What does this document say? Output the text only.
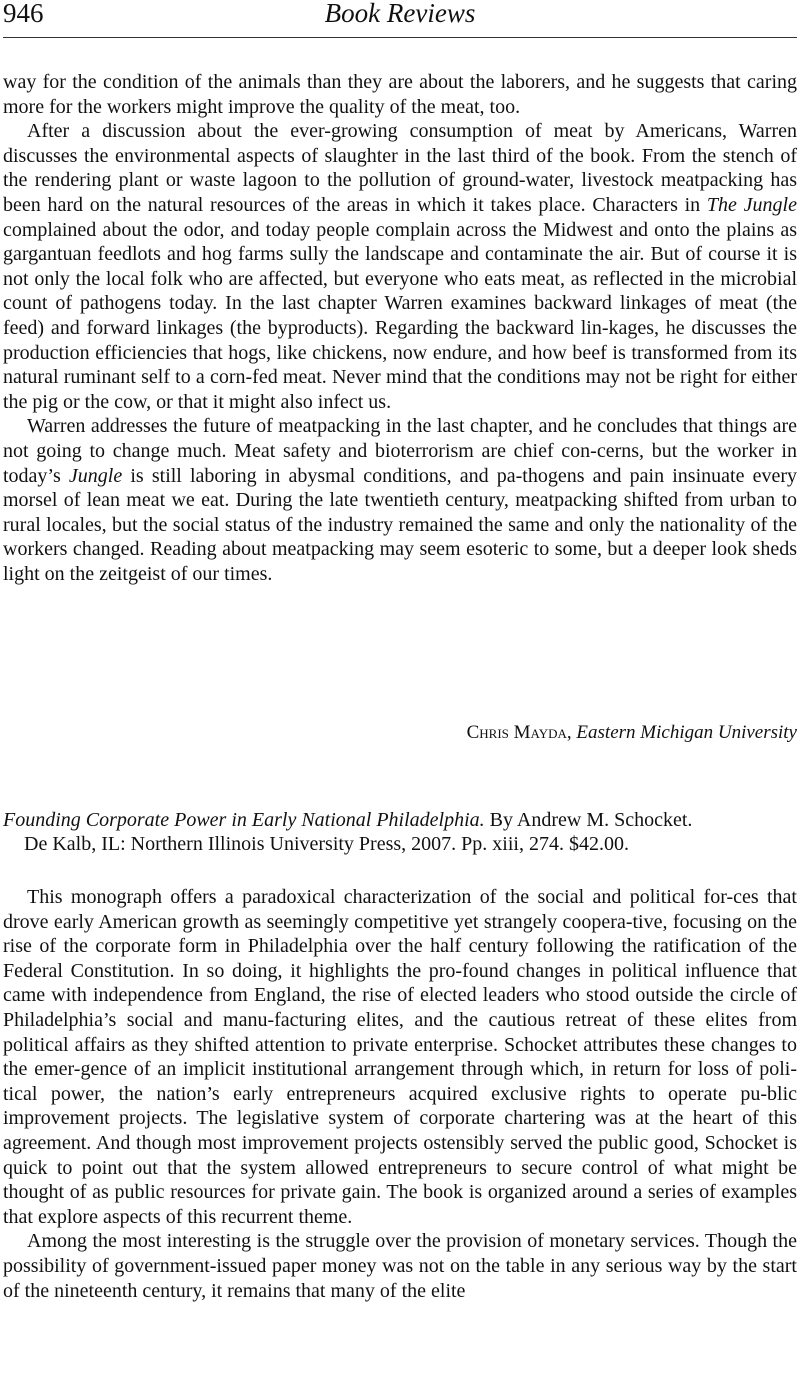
946	Book Reviews

way for the condition of the animals than they are about the laborers, and he suggests that caring more for the workers might improve the quality of the meat, too.

After a discussion about the ever-growing consumption of meat by Americans, Warren discusses the environmental aspects of slaughter in the last third of the book. From the stench of the rendering plant or waste lagoon to the pollution of ground-water, livestock meatpacking has been hard on the natural resources of the areas in which it takes place. Characters in The Jungle complained about the odor, and today people complain across the Midwest and onto the plains as gargantuan feedlots and hog farms sully the landscape and contaminate the air. But of course it is not only the local folk who are affected, but everyone who eats meat, as reflected in the microbial count of pathogens today. In the last chapter Warren examines backward linkages of meat (the feed) and forward linkages (the byproducts). Regarding the backward lin-kages, he discusses the production efficiencies that hogs, like chickens, now endure, and how beef is transformed from its natural ruminant self to a corn-fed meat. Never mind that the conditions may not be right for either the pig or the cow, or that it might also infect us.

Warren addresses the future of meatpacking in the last chapter, and he concludes that things are not going to change much. Meat safety and bioterrorism are chief con-cerns, but the worker in today’s Jungle is still laboring in abysmal conditions, and pa-thogens and pain insinuate every morsel of lean meat we eat. During the late twentieth century, meatpacking shifted from urban to rural locales, but the social status of the industry remained the same and only the nationality of the workers changed. Reading about meatpacking may seem esoteric to some, but a deeper look sheds light on the zeitgeist of our times.

Chris Mayda, Eastern Michigan University
Founding Corporate Power in Early National Philadelphia. By Andrew M. Schocket.
De Kalb, IL: Northern Illinois University Press, 2007. Pp. xiii, 274. $42.00.

This monograph offers a paradoxical characterization of the social and political for-ces that drove early American growth as seemingly competitive yet strangely coopera-tive, focusing on the rise of the corporate form in Philadelphia over the half century following the ratification of the Federal Constitution. In so doing, it highlights the pro-found changes in political influence that came with independence from England, the rise of elected leaders who stood outside the circle of Philadelphia’s social and manu-facturing elites, and the cautious retreat of these elites from political affairs as they shifted attention to private enterprise. Schocket attributes these changes to the emer-gence of an implicit institutional arrangement through which, in return for loss of poli-tical power, the nation’s early entrepreneurs acquired exclusive rights to operate pu-blic improvement projects. The legislative system of corporate chartering was at the heart of this agreement. And though most improvement projects ostensibly served the public good, Schocket is quick to point out that the system allowed entrepreneurs to secure control of what might be thought of as public resources for private gain. The book is organized around a series of examples that explore aspects of this recurrent theme.

Among the most interesting is the struggle over the provision of monetary services. Though the possibility of government-issued paper money was not on the table in any serious way by the start of the nineteenth century, it remains that many of the elite
